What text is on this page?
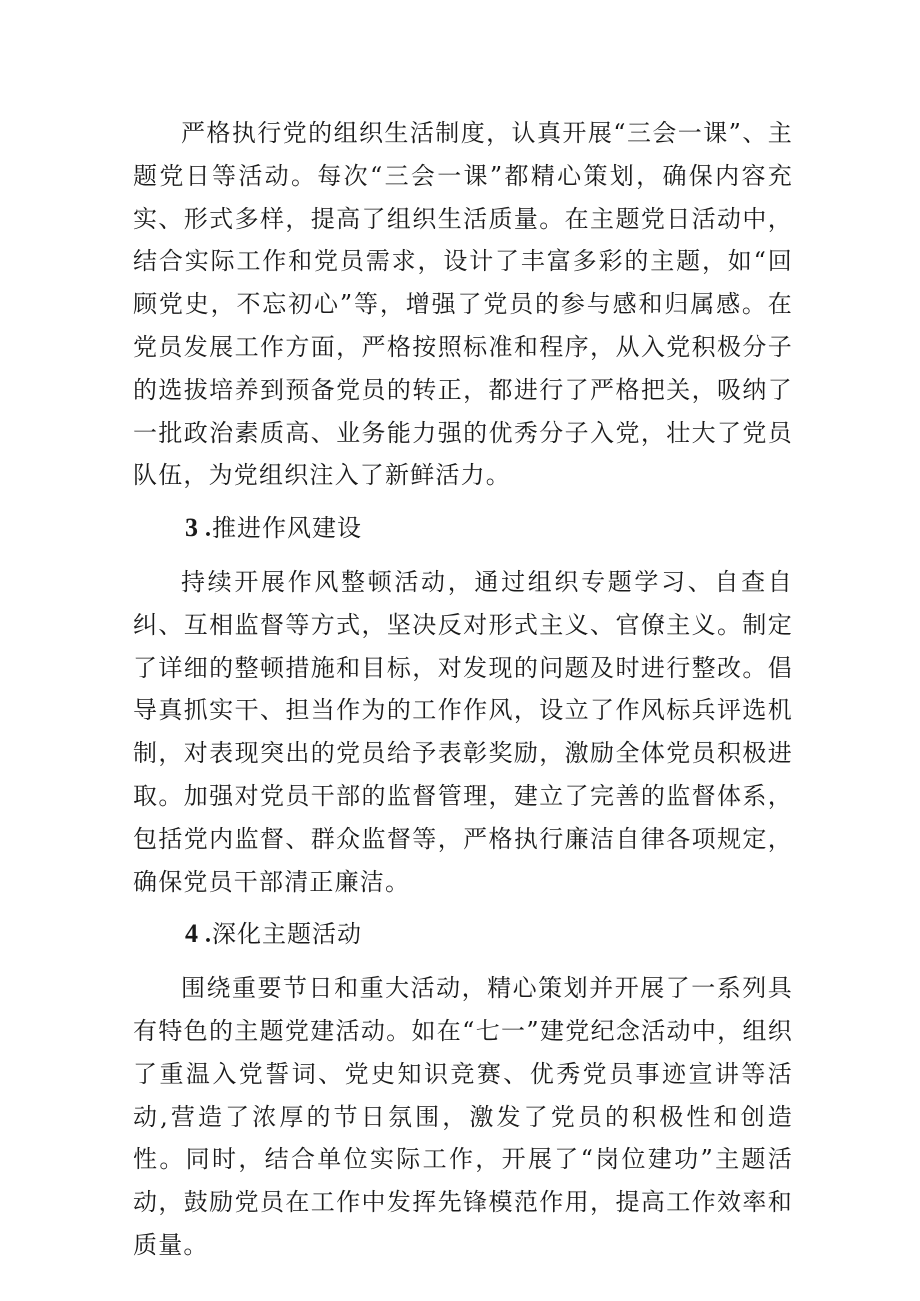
严格执行党的组织生活制度，认真开展“三会一课”、主题党日等活动。每次“三会一课”都精心策划，确保内容充实、形式多样，提高了组织生活质量。在主题党日活动中，结合实际工作和党员需求，设计了丰富多彩的主题，如“回顾党史，不忘初心”等，增强了党员的参与感和归属感。在党员发展工作方面，严格按照标准和程序，从入党积极分子的选拔培养到预备党员的转正，都进行了严格把关，吸纳了一批政治素质高、业务能力强的优秀分子入党，壮大了党员队伍，为党组织注入了新鲜活力。

3 .推进作风建设

持续开展作风整顿活动，通过组织专题学习、自查自纠、互相监督等方式，坚决反对形式主义、官僚主义。制定了详细的整顿措施和目标，对发现的问题及时进行整改。倡导真抓实干、担当作为的工作作风，设立了作风标兵评选机制，对表现突出的党员给予表彰奖励，激励全体党员积极进取。加强对党员干部的监督管理，建立了完善的监督体系，包括党内监督、群众监督等，严格执行廉洁自律各项规定，确保党员干部清正廉洁。

4 .深化主题活动

围绕重要节日和重大活动，精心策划并开展了一系列具有特色的主题党建活动。如在“七一”建党纪念活动中，组织了重温入党誓词、党史知识竞赛、优秀党员事迹宣讲等活动,营造了浓厚的节日氛围，激发了党员的积极性和创造性。同时，结合单位实际工作，开展了“岗位建功”主题活动，鼓励党员在工作中发挥先锋模范作用，提高工作效率和质量。
